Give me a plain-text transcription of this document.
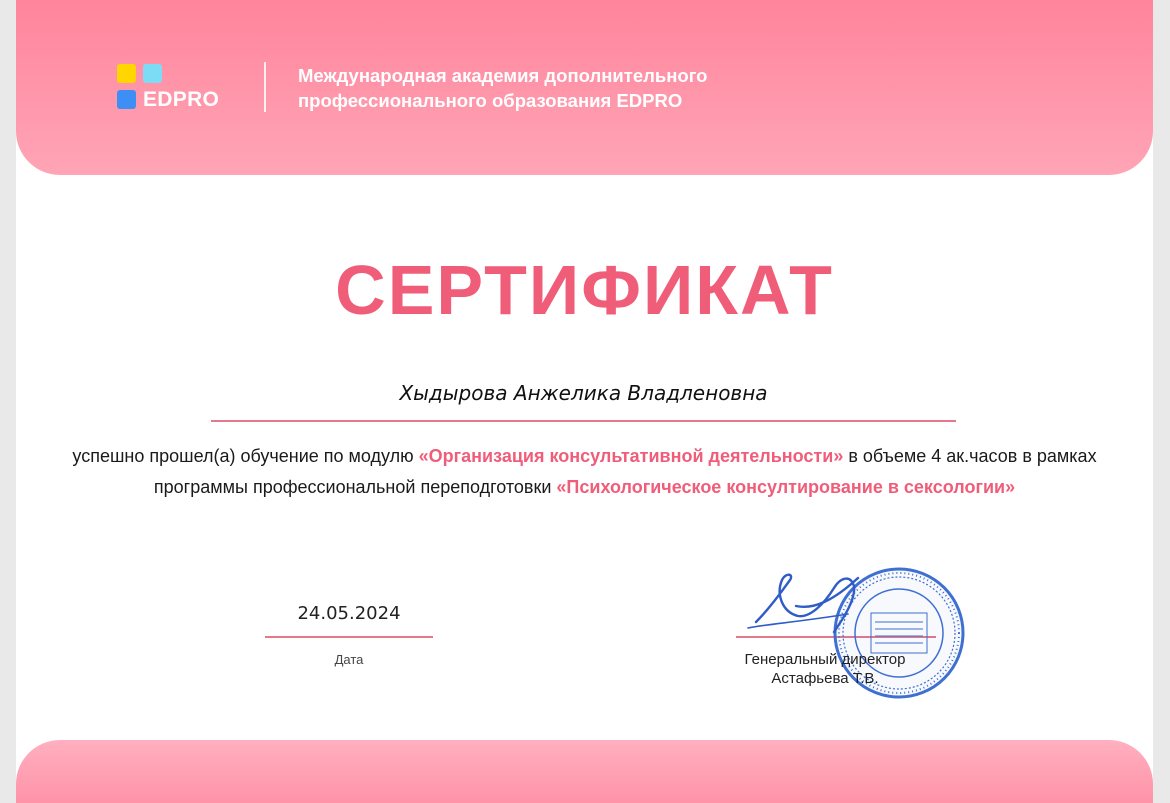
EDPRO
Международная академия дополнительного
профессионального образования EDPRO
СЕРТИФИКАТ
Хыдырова Анжелика Владленовна
успешно прошел(а) обучение по модулю «Организация консультативной деятельности» в объеме 4 ак.часов в рамках программы профессиональной переподготовки «Психологическое консултирование в сексологии»
24.05.2024
Дата	Генеральный директор
Астафьева Т.В.
